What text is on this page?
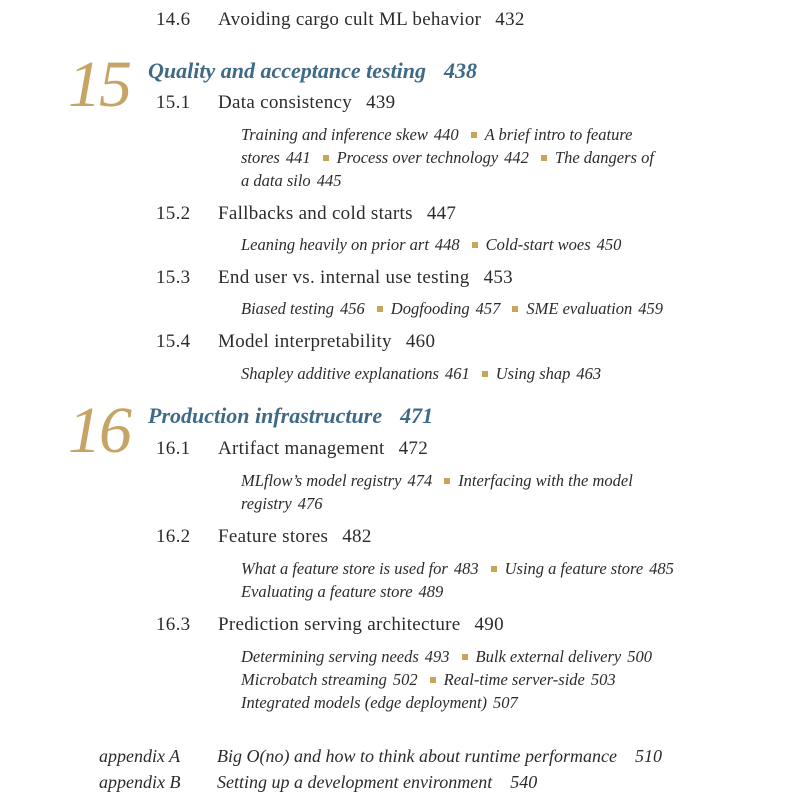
14.6 Avoiding cargo cult ML behavior 432
15 Quality and acceptance testing 438
15.1 Data consistency 439
Training and inference skew 440 A brief intro to feature
stores 441 Process over technology 442 The dangers of
a data silo 445
15.2 Fallbacks and cold starts 447
Leaning heavily on prior art 448 Cold-start woes 450
15.3 End user vs. internal use testing 453
Biased testing 456 Dogfooding 457 SME evaluation 459
15.4 Model interpretability 460
Shapley additive explanations 461 Using shap 463
16 Production infrastructure 471
16.1 Artifact management 472
MLflow’s model registry 474 Interfacing with the model
registry 476
16.2 Feature stores 482
What a feature store is used for 483 Using a feature store 485
Evaluating a feature store 489
16.3 Prediction serving architecture 490
Determining serving needs 493 Bulk external delivery 500
Microbatch streaming 502 Real-time server-side 503
Integrated models (edge deployment) 507
appendix A Big O(no) and how to think about runtime performance 510
appendix B Setting up a development environment 540
